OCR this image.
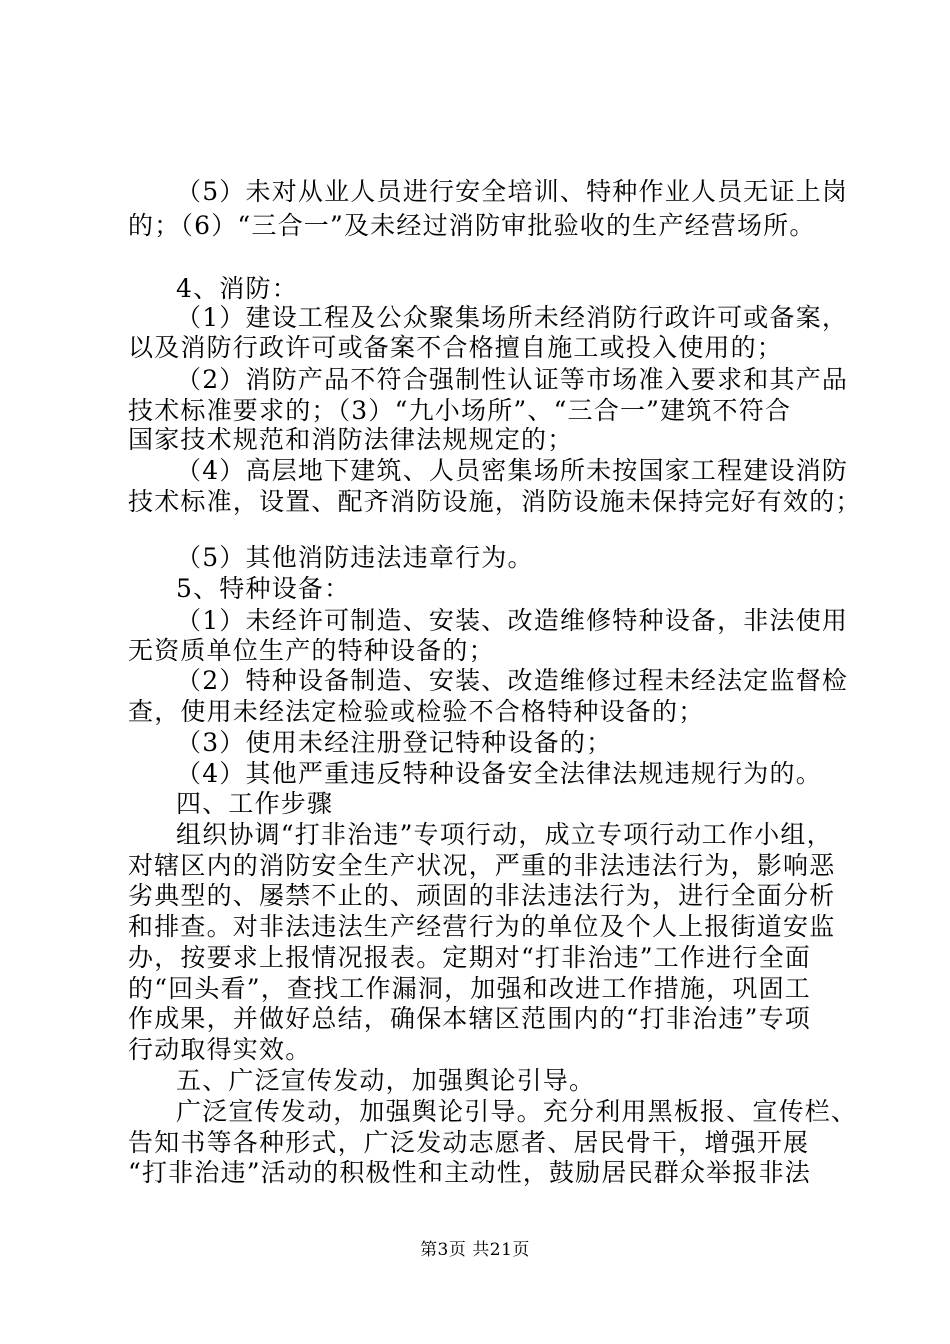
（5）未对从业人员进行安全培训、特种作业人员无证上岗

的；（6）“三合一”及未经过消防审批验收的生产经营场所。

4、消防：

（1）建设工程及公众聚集场所未经消防行政许可或备案，

以及消防行政许可或备案不合格擅自施工或投入使用的；

（2）消防产品不符合强制性认证等市场准入要求和其产品

技术标准要求的；（3）“九小场所”、“三合一”建筑不符合

国家技术规范和消防法律法规规定的；

（4）高层地下建筑、人员密集场所未按国家工程建设消防

技术标准，设置、配齐消防设施，消防设施未保持完好有效的；

（5）其他消防违法违章行为。

5、特种设备：

（1）未经许可制造、安装、改造维修特种设备，非法使用

无资质单位生产的特种设备的；

（2）特种设备制造、安装、改造维修过程未经法定监督检

查，使用未经法定检验或检验不合格特种设备的；

（3）使用未经注册登记特种设备的；

（4）其他严重违反特种设备安全法律法规违规行为的。

四、工作步骤

组织协调“打非治违”专项行动，成立专项行动工作小组，

对辖区内的消防安全生产状况，严重的非法违法行为，影响恶

劣典型的、屡禁不止的、顽固的非法违法行为，进行全面分析

和排查。对非法违法生产经营行为的单位及个人上报街道安监

办，按要求上报情况报表。定期对“打非治违”工作进行全面

的“回头看”，查找工作漏洞，加强和改进工作措施，巩固工

作成果，并做好总结，确保本辖区范围内的“打非治违”专项

行动取得实效。

五、广泛宣传发动，加强舆论引导。

广泛宣传发动，加强舆论引导。充分利用黑板报、宣传栏、

告知书等各种形式，广泛发动志愿者、居民骨干，增强开展

“打非治违”活动的积极性和主动性，鼓励居民群众举报非法

第3页 共21页
